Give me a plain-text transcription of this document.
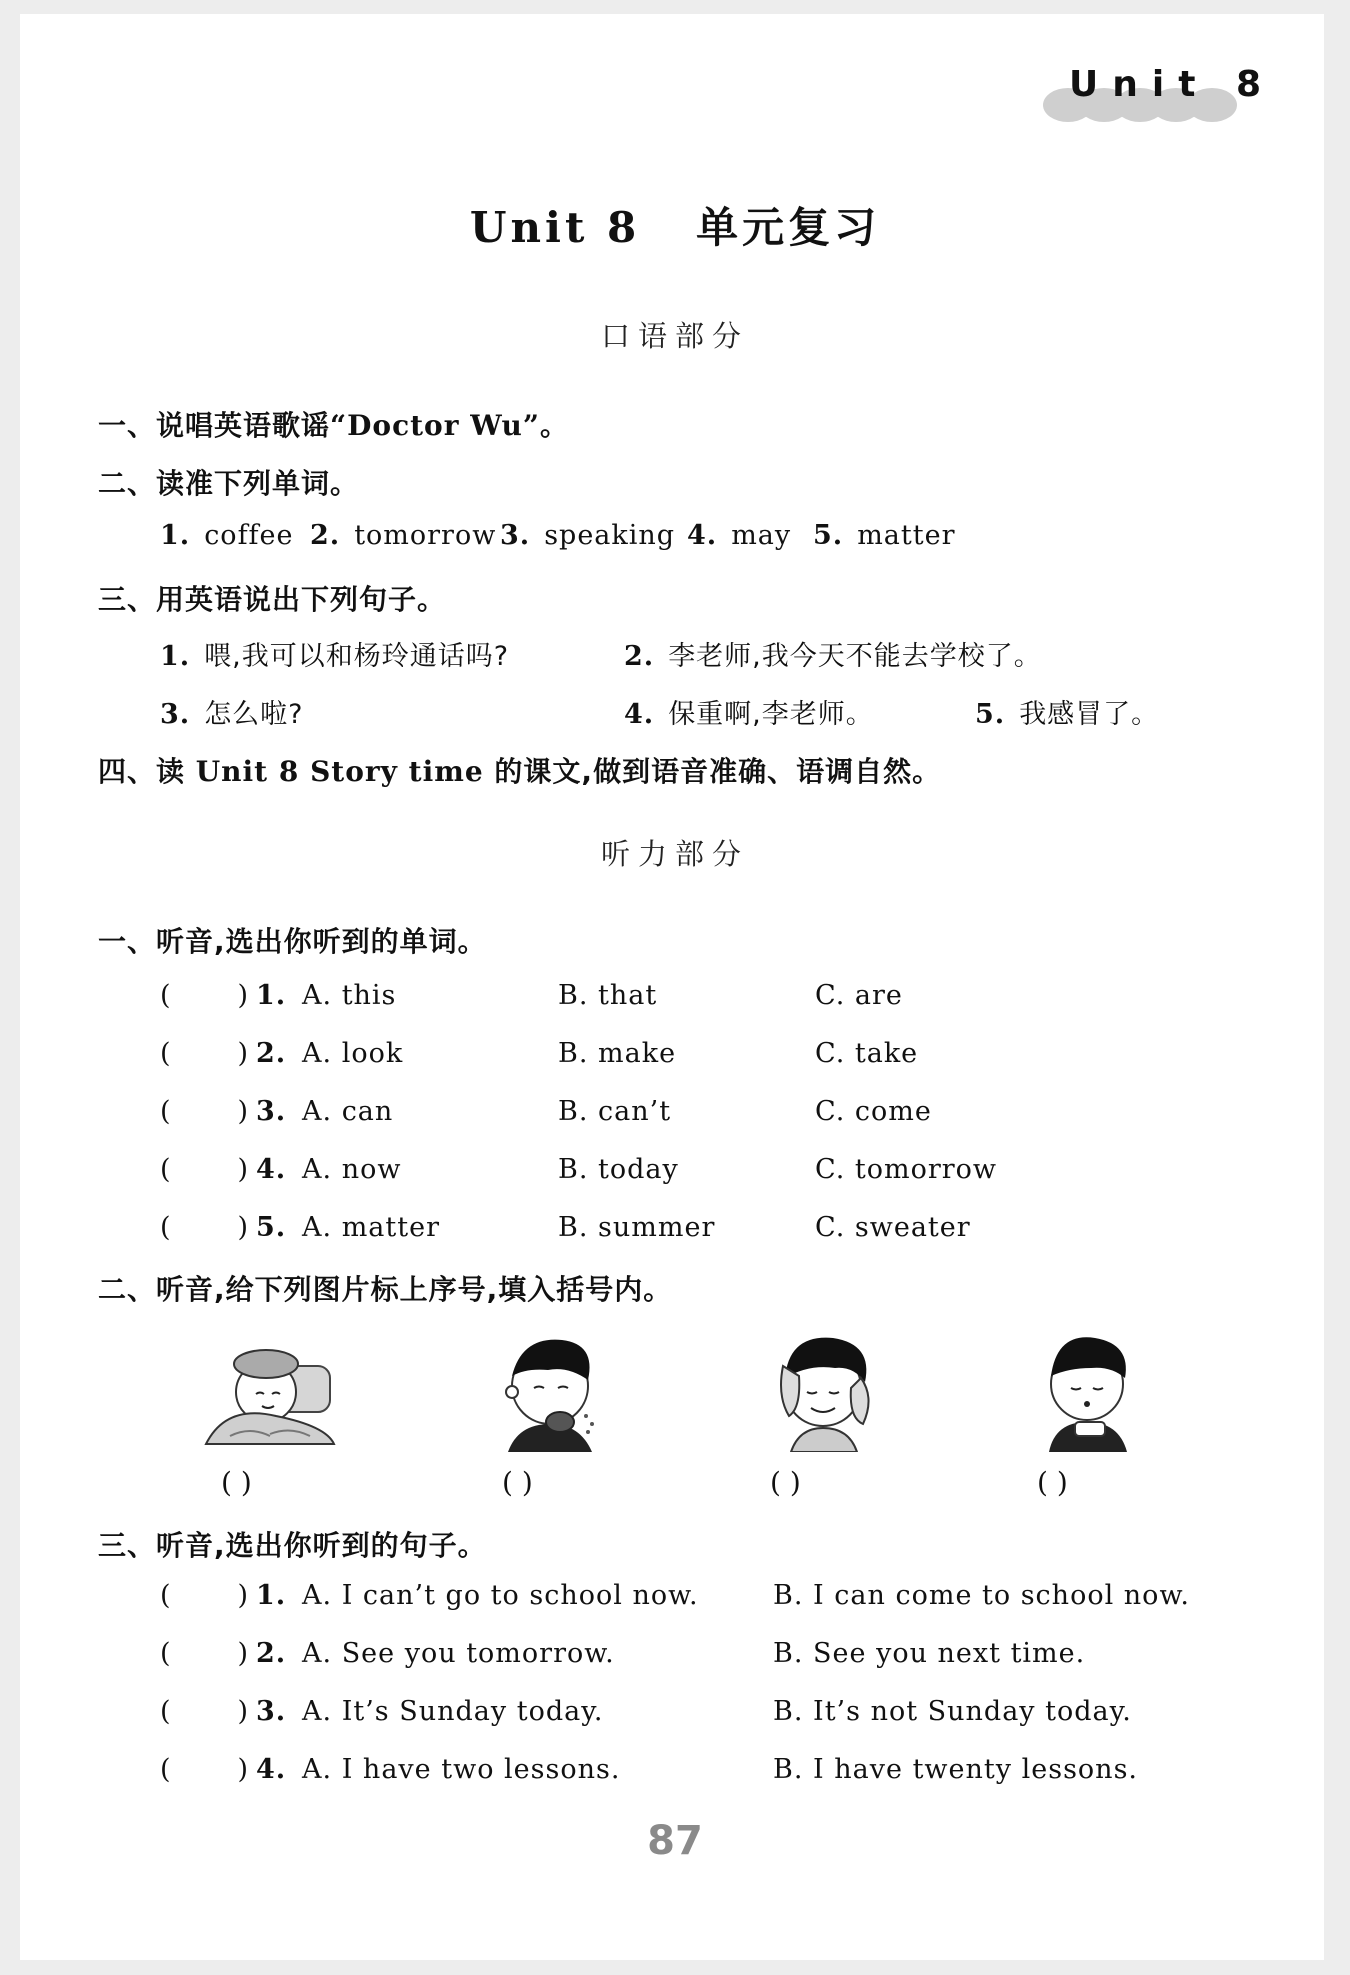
Unit 8
Unit 8   单元复习
口语部分
一、说唱英语歌谣“Doctor Wu”。
二、读准下列单词。
1. coffee 2. tomorrow 3. speaking 4. may 5. matter
三、用英语说出下列句子。
1. 喂,我可以和杨玲通话吗?	2. 李老师,我今天不能去学校了。
3. 怎么啦?	4. 保重啊,李老师。	5. 我感冒了。
四、读 Unit 8 Story time 的课文,做到语音准确、语调自然。
听力部分
一、听音,选出你听到的单词。
( ) 1. A. this	B. that	C. are
( ) 2. A. look	B. make	C. take
( ) 3. A. can	B. can’t	C. come
( ) 4. A. now	B. today	C. tomorrow
( ) 5. A. matter	B. summer	C. sweater
二、听音,给下列图片标上序号,填入括号内。
( )	( )	( )	( )
三、听音,选出你听到的句子。
( ) 1. A. I can’t go to school now.	B. I can come to school now.
( ) 2. A. See you tomorrow.	B. See you next time.
( ) 3. A. It’s Sunday today.	B. It’s not Sunday today.
( ) 4. A. I have two lessons.	B. I have twenty lessons.
87
